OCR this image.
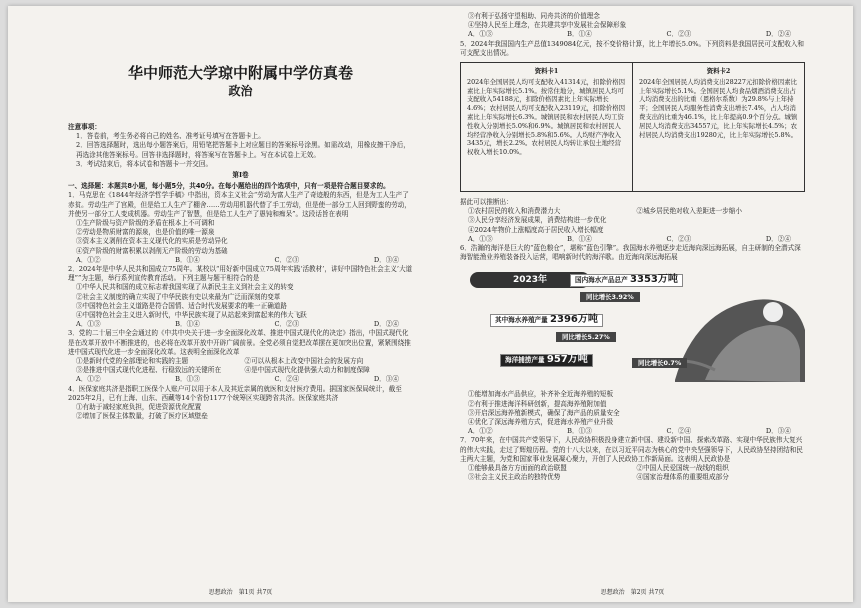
华中师范大学琼中附属中学仿真卷
政治

注意事项：

1．答卷前，考生务必将自己的姓名、准考证号填写在答题卡上。

2．回答选择题时，选出每小题答案后，用铅笔把答题卡上对应题目的答案标号涂黑。如需改动，用橡皮擦干净后，再选涂其他答案标号。回答非选择题时，将答案写在答题卡上。写在本试卷上无效。

3．考试结束后，将本试卷和答题卡一并交回。

第I卷

一、选择题：本题共8小题，每小题5分，共40分。在每小题给出的四个选项中，只有一项是符合题目要求的。

1．马克思在《1844年经济学哲学手稿》中指出，资本主义社会“劳动为富人生产了奇迹般的东西，但是为工人生产了赤贫。劳动生产了宫殿，但是给工人生产了棚舍……劳动用机器代替了手工劳动，但是使一部分工人回到野蛮的劳动，并使另一部分工人变成机器。劳动生产了智慧，但是给工人生产了愚钝和痴呆”。这段话旨在表明

①生产阶级与资产阶级的矛盾在根本上不可调和

②劳动是物质财富的源泉，也是价值的唯一源泉

③资本主义剥削在资本主义现代化的实质是劳动异化

④资产阶级的财富积累以剥削无产阶级的劳动为基础

A．①②	B．①④	C．②③	D．③④

2．2024年是中华人民共和国成立75周年。某校以“用好新中国成立75周年实践‘活教材’，讲好中国特色社会主义’大道理””为主题，举行系列宣传教育活动。下列主题与题干相符合的是

①中华人民共和国的成立标志着我国实现了从新民主主义到社会主义的转变

②社会主义制度的确立实现了中华民族有史以来最为广泛而深刻的变革

③中国特色社会主义道路是符合国情、适合时代发展要求的唯一正确道路

④中国特色社会主义进入新时代，中华民族实现了从站起来到富起来的伟大飞跃

A．①③	B．①④	C．②③	D．②④

3．党的二十届三中全会通过的《中共中央关于进一步全面深化改革、推进中国式现代化的决定》指出，中国式现代化是在改革开放中不断推进的，也必将在改革开放中开辟广阔前景。全党必须自觉把改革摆在更加突出位置，紧紧围绕推进中国式现代化进一步全面深化改革。这表明全面深化改革

①是新时代党的全部理论和实践的主题	②可以从根本上改变中国社会的发展方向
③是推进中国式现代化进程、行稳致远的关键所在	④是中国式现代化提供强大动力和制度保障
A．①②	B．①③	C．②④	D．③④

4．医保家庭共济是指职工医保个人账户可以用于本人及其近亲属的就医和支付医疗费用。据国家医保局统计，截至2025年2月，已有上海、山东、西藏等14个省份1177个统筹区实现跨省共济。医保家庭共济

①有助于减轻家庭负担，促进资源优化配置

②增加了医保主体数量，打破了医疗区域壁垒

思想政治　第1页 共7页

③有利于弘扬守望相助、同舟共济的价值理念

④坚持人民至上理念，在共建共享中发展社会保障形象

A．①③	B．①④	C．②③	D．②④

5．2024年我国国内生产总值1349084亿元，按不变价格计算，比上年增长5.0%。下列资料是我国居民可支配收入和可支配支出情况。

资料卡1
2024年全国居民人均可支配收入41314元，扣除价格因素比上年实际增长5.1%。按常住地分，城镇居民人均可支配收入54188元，扣除价格因素比上年实际增长4.6%；农村居民人均可支配收入23119元，扣除价格因素比上年实际增长6.3%。城镇居民和农村居民人均工资性收入分别增长5.0%和6.9%。城镇居民和农村居民人均经营净收入分别增长5.8%和5.6%。人均财产净收入3435元，增长2.2%。农村居民人均转让承包土地经营权收入增长10.0%。
资料卡2
2024年全国居民人均消费支出28227元扣除价格因素比上年实际增长5.1%。全国居民人均食品烟酒消费支出占人均消费支出的比重（恩格尔系数）为29.8%与上年持平；全国居民人均服务性消费支出增长7.4%，占人均消费支出的比重为46.1%，比上年提高0.9个百分点。城镇居民人均消费支出34557元，比上年实际增长4.5%；农村居民人均消费支出19280元，比上年实际增长5.8%。

据此可以推断出：

①农村居民的收入和消费潜力大	②城乡居民绝对收入差距进一步缩小

③人民分享经济发展成果，消费结构进一步优化

④2024年物价上涨幅度高于居民收入增长幅度

A．①③	B．①④	C．②③	D．②④

6．浩瀚的海洋是巨大的“蓝色粮仓”，堪称“蓝色引擎”。我国海水养殖逐步走近海向深远海拓展，自主研制的全潜式深海智能渔业养殖装备投入运营，唱响新时代的海洋歌。由近海向深远海拓展

2023年	国内海水产品总产 3353万吨
同比增长3.92%
其中海水养殖产量 2396万吨
同比增长5.27%
海洋捕捞产量 957万吨	同比增长0.7%

①能增加海水产品供应，补齐补全近海养殖的短板

②有利于推进海洋科研创新，提高海养殖附加值

③开启深远海养殖新模式，确保了海产品的质量安全

④优化了深远海养殖方式，促进海水养殖产业升级

A．①②	B．①③	C．②④	D．③④

7．70年来，在中国共产党领导下，人民政协积极投身建立新中国、建设新中国、探索改革路、实现中华民族伟大复兴的伟大实践，走过了辉煌历程。党的十八大以来，在以习近平同志为核心的党中央坚强领导下，人民政协坚持团结和民主两大主题，为党和国家事业发展凝心聚力，开创了人民政协工作新局面。这表明人民政协是

①能够最具备方方面面的政治联盟	②中国人民爱国统一战线的组织
③社会主义民主政治的独特优势	④国家治理体系的重要组成部分
思想政治　第2页 共7页
